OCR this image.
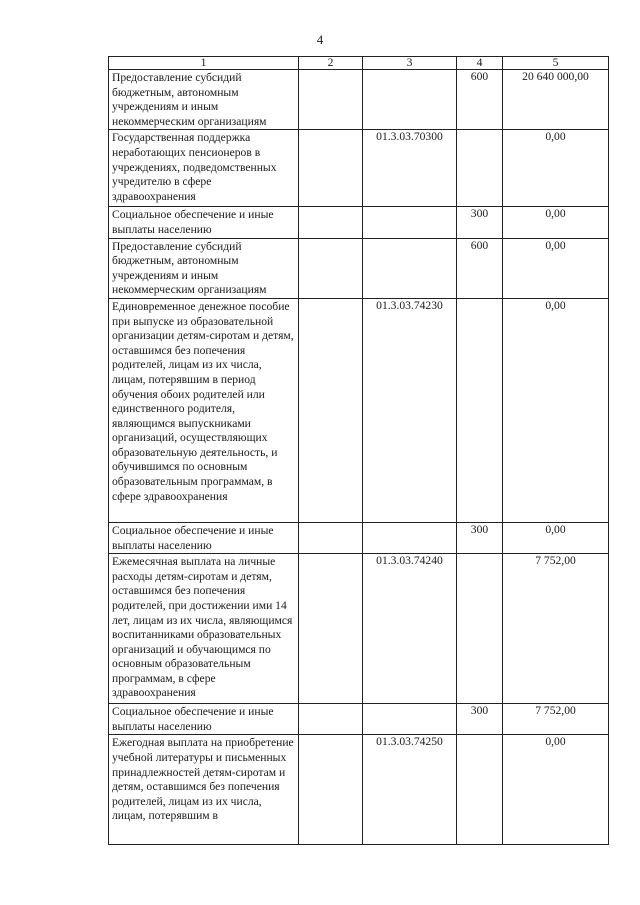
4
1	2	3	4	5
Предоставление субсидий бюджетным, автономным учреждениям и иным некоммерческим организациям			600	20 640 000,00
Государственная поддержка неработающих пенсионеров в учреждениях, подведомственных учредителю в сфере здравоохранения		01.3.03.70300		0,00
Социальное обеспечение и иные выплаты населению			300	0,00
Предоставление субсидий бюджетным, автономным учреждениям и иным некоммерческим организациям			600	0,00
Единовременное денежное пособие при выпуске из образовательной организации детям-сиротам и детям, оставшимся без попечения родителей, лицам из их числа, лицам, потерявшим в период обучения обоих родителей или единственного родителя, являющимся выпускниками организаций, осуществляющих образовательную деятельность, и обучившимся по основным образовательным программам, в сфере здравоохранения		01.3.03.74230		0,00
Социальное обеспечение и иные выплаты населению			300	0,00
Ежемесячная выплата на личные расходы детям-сиротам и детям, оставшимся без попечения родителей, при достижении ими 14 лет, лицам из их числа, являющимся воспитанниками образовательных организаций и обучающимся по основным образовательным программам, в сфере здравоохранения		01.3.03.74240		7 752,00
Социальное обеспечение и иные выплаты населению			300	7 752,00
Ежегодная выплата на приобретение учебной литературы и письменных принадлежностей детям-сиротам и детям, оставшимся без попечения родителей, лицам из их числа, лицам, потерявшим в		01.3.03.74250		0,00
